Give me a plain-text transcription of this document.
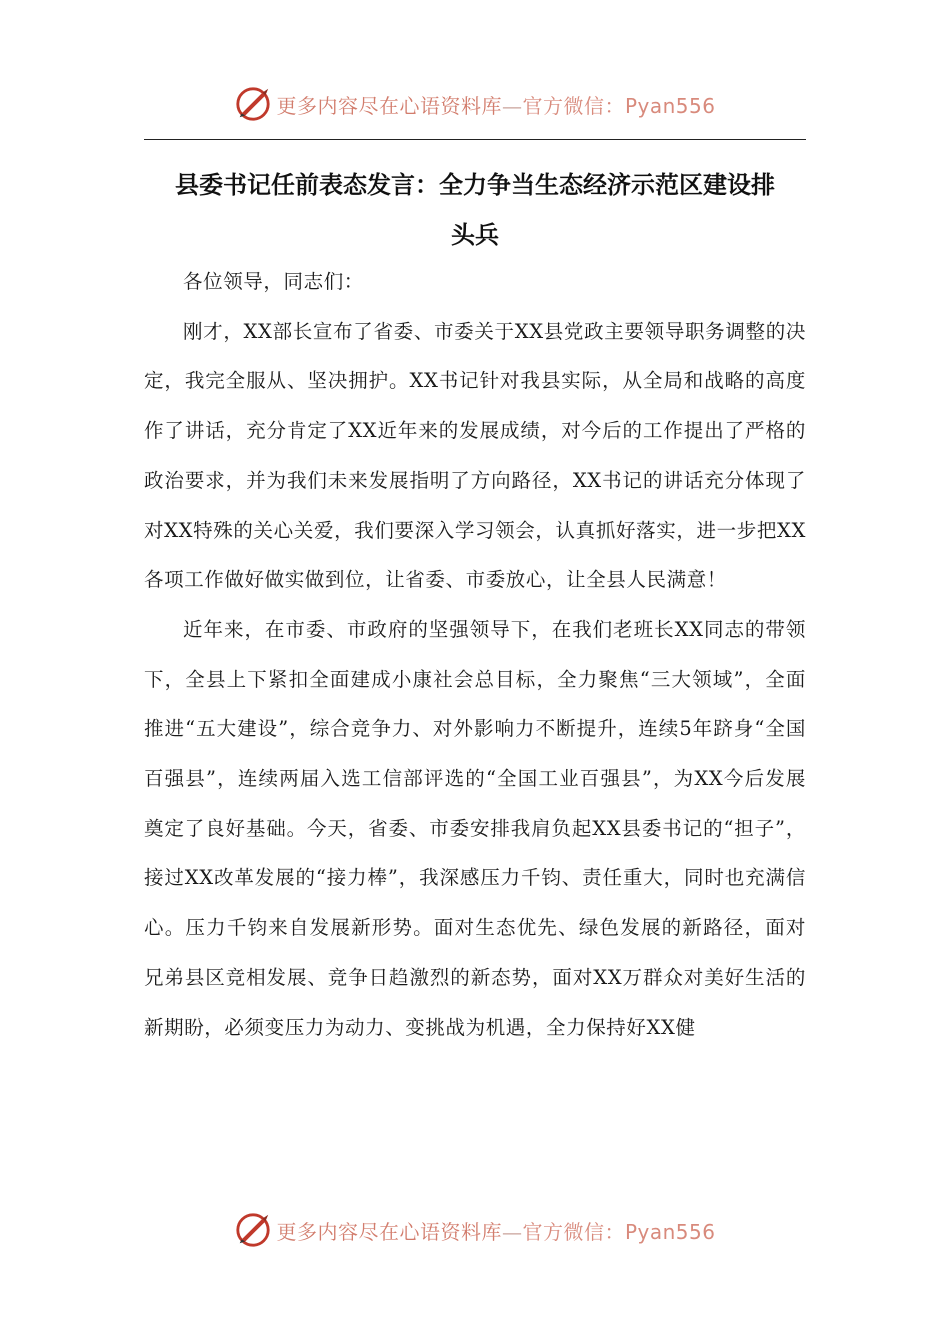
更多内容尽在心语资料库—官方微信：Pyan556
县委书记任前表态发言：全力争当生态经济示范区建设排
头兵

各位领导，同志们：

刚才，XX部长宣布了省委、市委关于XX县党政主要领导职务调整的决定，我完全服从、坚决拥护。XX书记针对我县实际，从全局和战略的高度作了讲话，充分肯定了XX近年来的发展成绩，对今后的工作提出了严格的政治要求，并为我们未来发展指明了方向路径，XX书记的讲话充分体现了对XX特殊的关心关爱，我们要深入学习领会，认真抓好落实，进一步把XX各项工作做好做实做到位，让省委、市委放心，让全县人民满意！

近年来，在市委、市政府的坚强领导下，在我们老班长XX同志的带领下，全县上下紧扣全面建成小康社会总目标，全力聚焦“三大领域”，全面推进“五大建设”，综合竞争力、对外影响力不断提升，连续5年跻身“全国百强县”，连续两届入选工信部评选的“全国工业百强县”，为XX今后发展奠定了良好基础。今天，省委、市委安排我肩负起XX县委书记的“担子”，接过XX改革发展的“接力棒”，我深感压力千钧、责任重大，同时也充满信心。压力千钧来自发展新形势。面对生态优先、绿色发展的新路径，面对兄弟县区竞相发展、竞争日趋激烈的新态势，面对XX万群众对美好生活的新期盼，必须变压力为动力、变挑战为机遇，全力保持好XX健

更多内容尽在心语资料库—官方微信：Pyan556
